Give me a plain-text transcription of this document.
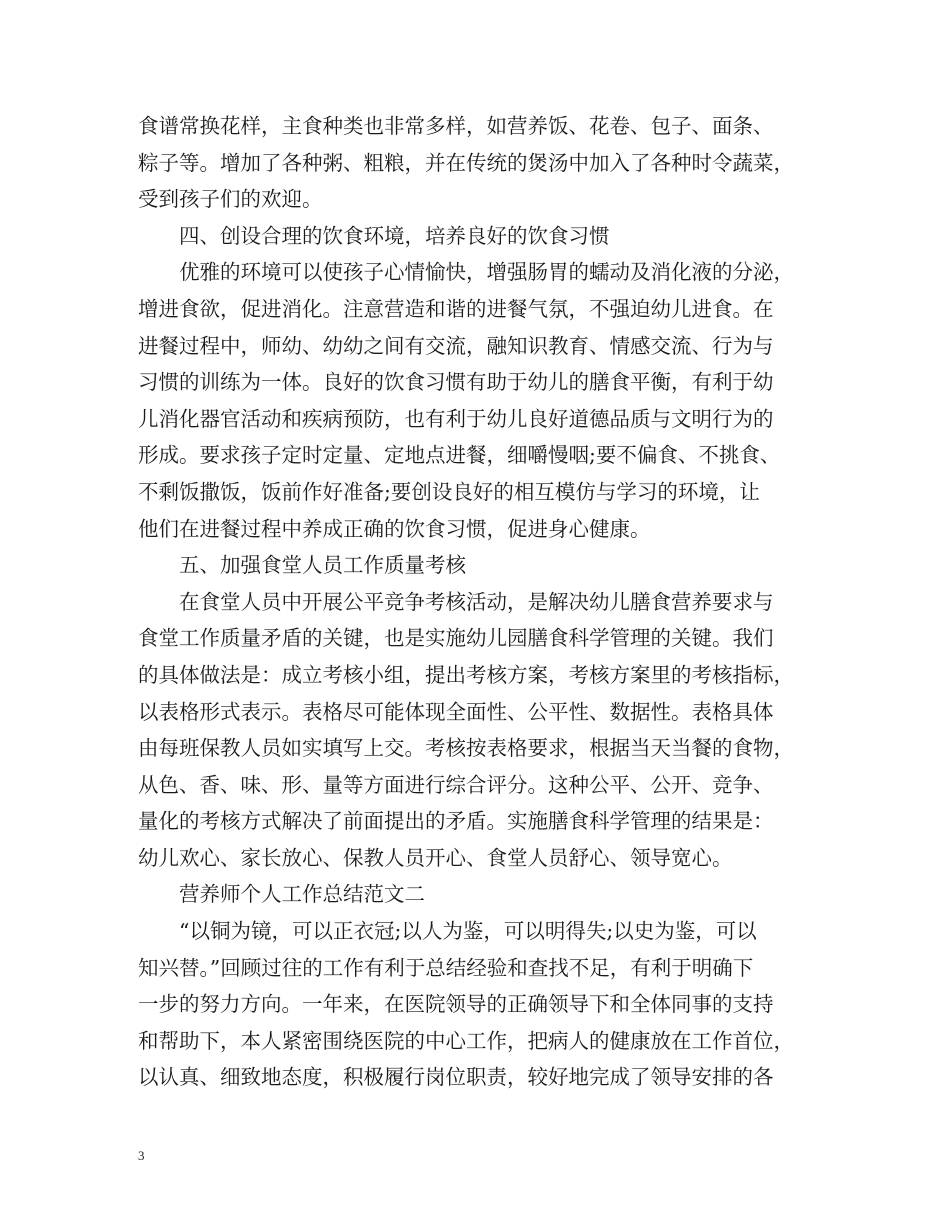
食谱常换花样，主食种类也非常多样，如营养饭、花卷、包子、面条、
粽子等。增加了各种粥、粗粮，并在传统的煲汤中加入了各种时令蔬菜，
受到孩子们的欢迎。
四、创设合理的饮食环境，培养良好的饮食习惯
优雅的环境可以使孩子心情愉快，增强肠胃的蠕动及消化液的分泌，
增进食欲，促进消化。注意营造和谐的进餐气氛，不强迫幼儿进食。在
进餐过程中，师幼、幼幼之间有交流，融知识教育、情感交流、行为与
习惯的训练为一体。良好的饮食习惯有助于幼儿的膳食平衡，有利于幼
儿消化器官活动和疾病预防，也有利于幼儿良好道德品质与文明行为的
形成。要求孩子定时定量、定地点进餐，细嚼慢咽;要不偏食、不挑食、
不剩饭撒饭，饭前作好准备;要创设良好的相互模仿与学习的环境，让
他们在进餐过程中养成正确的饮食习惯，促进身心健康。
五、加强食堂人员工作质量考核
在食堂人员中开展公平竞争考核活动，是解决幼儿膳食营养要求与
食堂工作质量矛盾的关键，也是实施幼儿园膳食科学管理的关键。我们
的具体做法是：成立考核小组，提出考核方案，考核方案里的考核指标，
以表格形式表示。表格尽可能体现全面性、公平性、数据性。表格具体
由每班保教人员如实填写上交。考核按表格要求，根据当天当餐的食物，
从色、香、味、形、量等方面进行综合评分。这种公平、公开、竞争、
量化的考核方式解决了前面提出的矛盾。实施膳食科学管理的结果是：
幼儿欢心、家长放心、保教人员开心、食堂人员舒心、领导宽心。
营养师个人工作总结范文二
“以铜为镜，可以正衣冠;以人为鉴，可以明得失;以史为鉴，可以
知兴替。”回顾过往的工作有利于总结经验和查找不足，有利于明确下
一步的努力方向。一年来，在医院领导的正确领导下和全体同事的支持
和帮助下，本人紧密围绕医院的中心工作，把病人的健康放在工作首位，
以认真、细致地态度，积极履行岗位职责，较好地完成了领导安排的各
3
